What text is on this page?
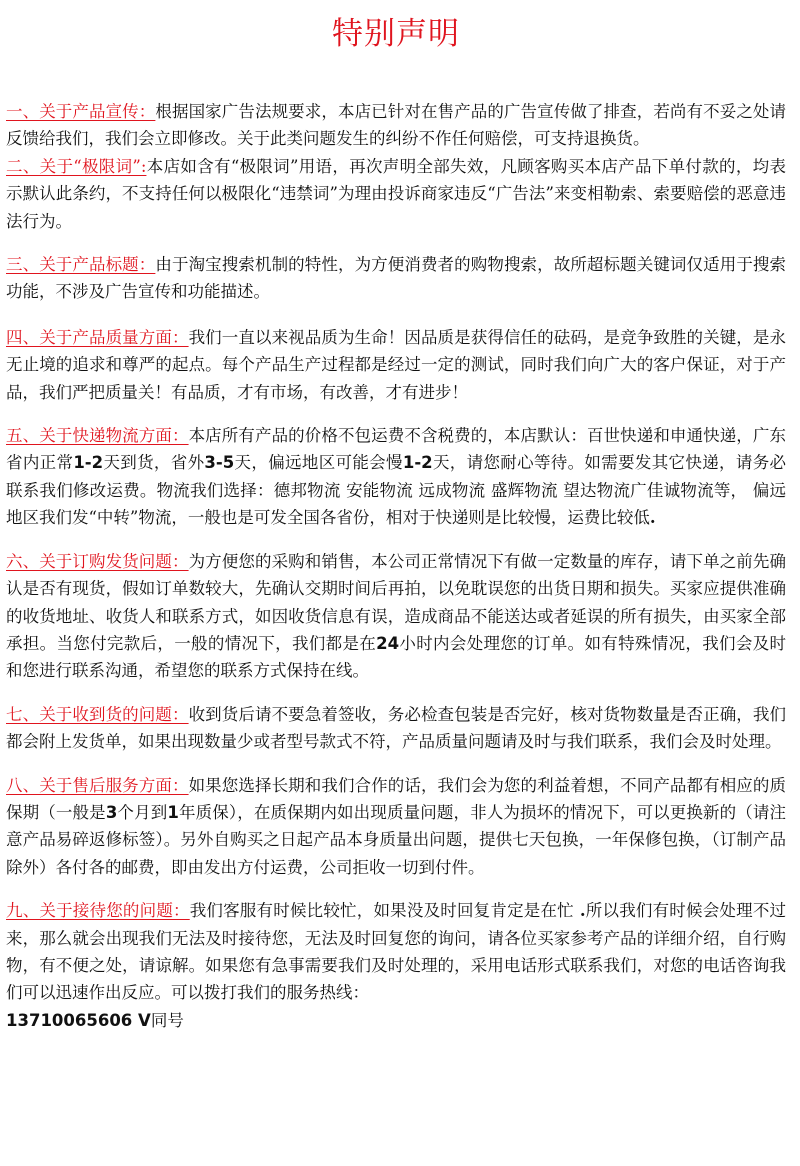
特别声明

一、关于产品宣传：根据国家广告法规要求，本店已针对在售产品的广告宣传做了排查，若尚有不妥之处请反馈给我们，我们会立即修改。关于此类问题发生的纠纷不作任何赔偿，可支持退换货。

二、关于“极限词”:本店如含有“极限词”用语，再次声明全部失效，凡顾客购买本店产品下单付款的，均表示默认此条约，不支持任何以极限化“违禁词”为理由投诉商家违反“广告法”来变相勒索、索要赔偿的恶意违法行为。

三、关于产品标题：由于淘宝搜索机制的特性，为方便消费者的购物搜索，故所超标题关键词仅适用于搜索功能，不涉及广告宣传和功能描述。

四、关于产品质量方面：我们一直以来视品质为生命！因品质是获得信任的砝码，是竞争致胜的关键，是永无止境的追求和尊严的起点。每个产品生产过程都是经过一定的测试，同时我们向广大的客户保证，对于产品，我们严把质量关！有品质，才有市场，有改善，才有进步！

五、关于快递物流方面：本店所有产品的价格不包运费不含税费的，本店默认：百世快递和申通快递，广东省内正常1-2天到货，省外3-5天，偏远地区可能会慢1-2天，请您耐心等待。如需要发其它快递，请务必联系我们修改运费。物流我们选择：德邦物流 安能物流 远成物流 盛辉物流 望达物流广佳诚物流等， 偏远地区我们发“中转”物流，一般也是可发全国各省份，相对于快递则是比较慢，运费比较低.

六、关于订购发货问题：为方便您的采购和销售，本公司正常情况下有做一定数量的库存，请下单之前先确认是否有现货，假如订单数较大，先确认交期时间后再拍，以免耽误您的出货日期和损失。买家应提供准确的收货地址、收货人和联系方式，如因收货信息有误，造成商品不能送达或者延误的所有损失，由买家全部承担。当您付完款后，一般的情况下，我们都是在24小时内会处理您的订单。如有特殊情况，我们会及时和您进行联系沟通，希望您的联系方式保持在线。

七、关于收到货的问题：收到货后请不要急着签收，务必检查包装是否完好，核对货物数量是否正确，我们都会附上发货单，如果出现数量少或者型号款式不符，产品质量问题请及时与我们联系，我们会及时处理。

八、关于售后服务方面：如果您选择长期和我们合作的话，我们会为您的利益着想，不同产品都有相应的质保期（一般是3个月到1年质保），在质保期内如出现质量问题，非人为损坏的情况下，可以更换新的（请注意产品易碎返修标签）。另外自购买之日起产品本身质量出问题，提供七天包换，一年保修包换，（订制产品除外）各付各的邮费，即由发出方付运费，公司拒收一切到付件。

九、关于接待您的问题：我们客服有时候比较忙，如果没及时回复肯定是在忙 .所以我们有时候会处理不过来，那么就会出现我们无法及时接待您，无法及时回复您的询问，请各位买家参考产品的详细介绍，自行购物，有不便之处，请谅解。如果您有急事需要我们及时处理的，采用电话形式联系我们，对您的电话咨询我们可以迅速作出反应。可以拨打我们的服务热线：
13710065606 V同号
